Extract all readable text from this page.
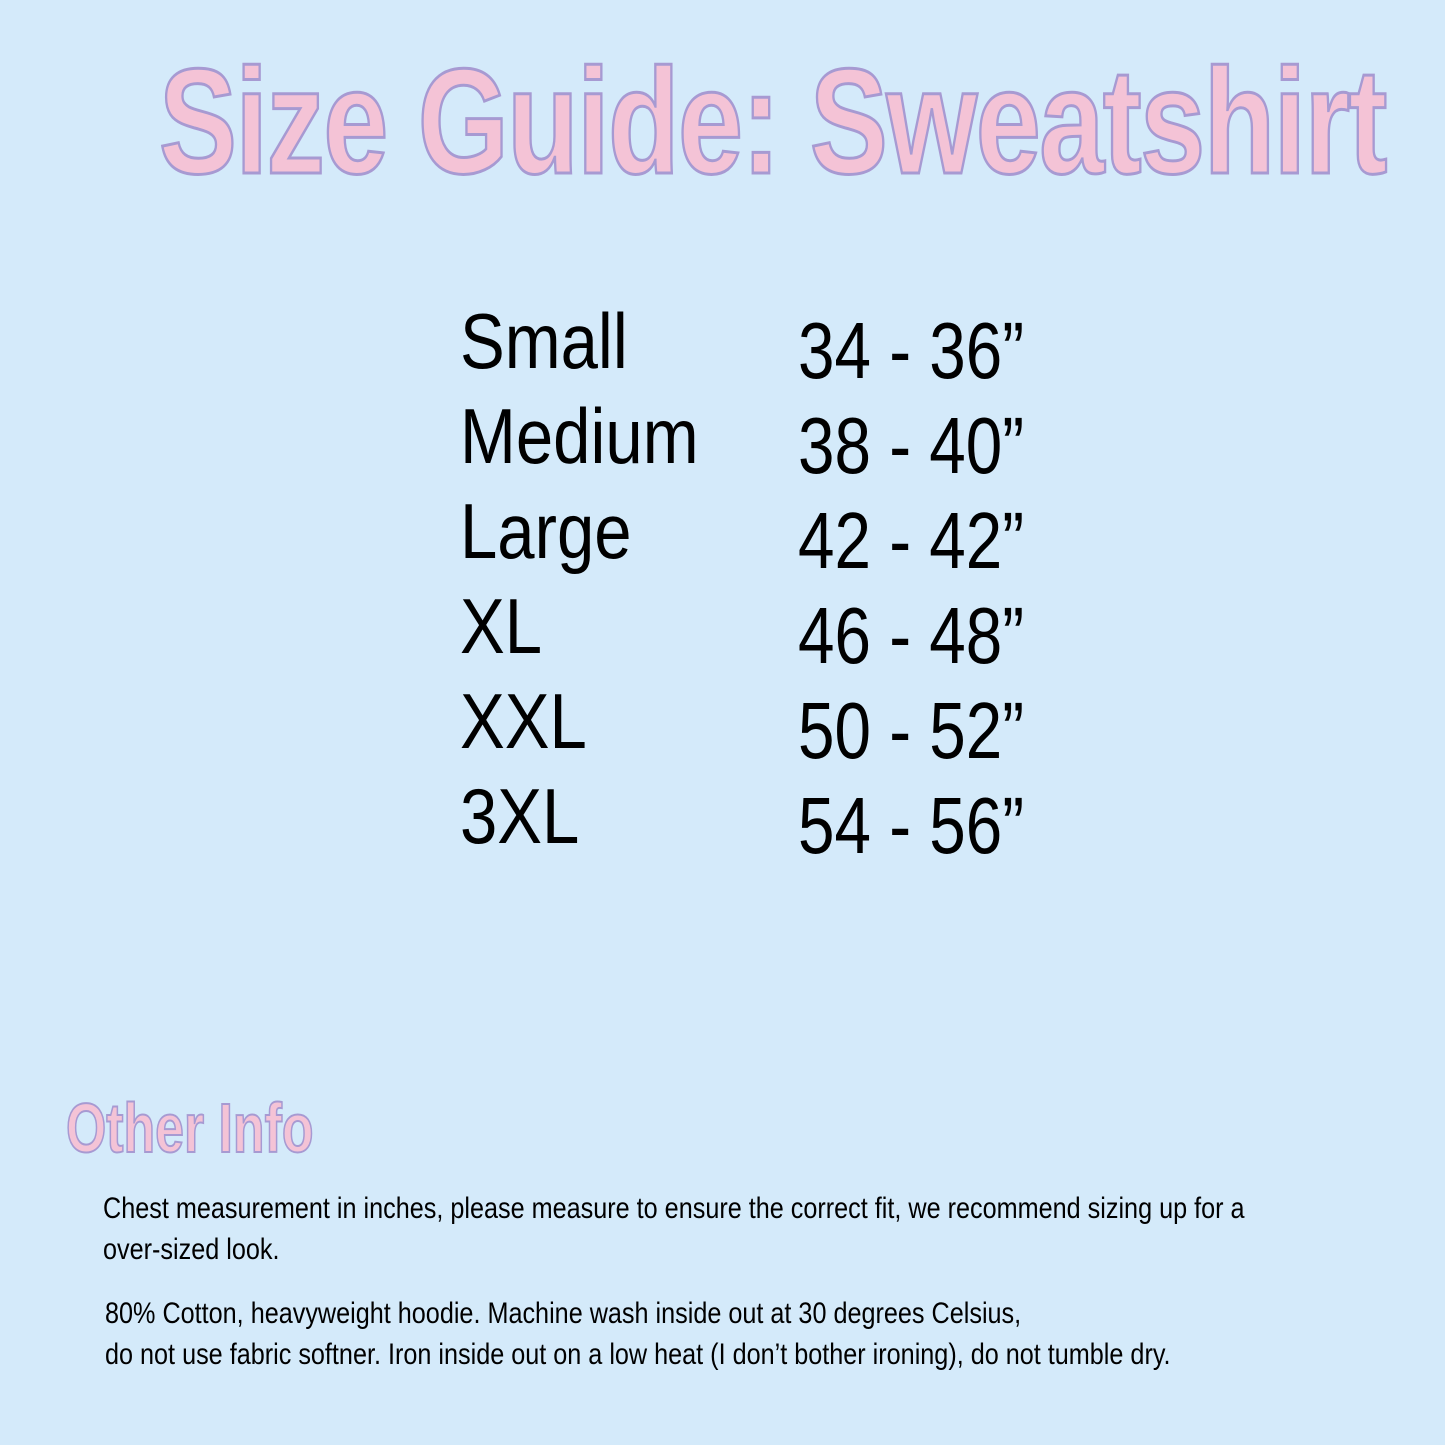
Size Guide: Sweatshirt
Small 34 - 36”
Medium 38 - 40”
Large 42 - 42”
XL	46 - 48”
XXL	50 - 52”
3XL	54 - 56”
Other Info

Chest measurement in inches, please measure to ensure the correct fit, we recommend sizing up for a

over-sized look.

80% Cotton, heavyweight hoodie. Machine wash inside out at 30 degrees Celsius,

do not use fabric softner. Iron inside out on a low heat (I don’t bother ironing), do not tumble dry.
